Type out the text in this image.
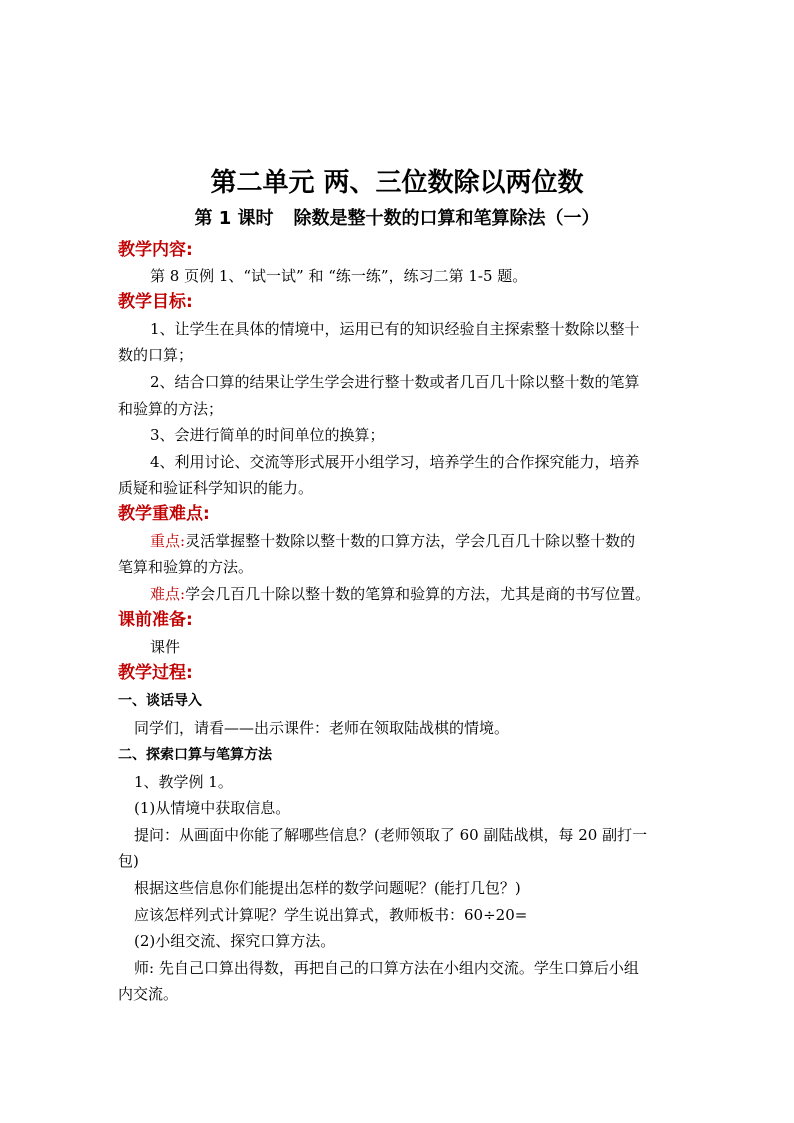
第二单元 两、三位数除以两位数
第 1 课时 除数是整十数的口算和笔算除法（一）
教学内容:
第 8 页例 1、“试一试” 和 “练一练”，练习二第 1-5 题。
教学目标:
1、让学生在具体的情境中，运用已有的知识经验自主探索整十数除以整十
数的口算；
2、结合口算的结果让学生学会进行整十数或者几百几十除以整十数的笔算
和验算的方法；
3、会进行简单的时间单位的换算；
4、利用讨论、交流等形式展开小组学习，培养学生的合作探究能力，培养
质疑和验证科学知识的能力。
教学重难点:
重点:灵活掌握整十数除以整十数的口算方法，学会几百几十除以整十数的
笔算和验算的方法。
难点:学会几百几十除以整十数的笔算和验算的方法，尤其是商的书写位置。
课前准备:
课件
教学过程:
一、谈话导入
同学们，请看——出示课件：老师在领取陆战棋的情境。
二、探索口算与笔算方法
1、教学例 1。
(1)从情境中获取信息。
提问：从画面中你能了解哪些信息？(老师领取了 60 副陆战棋，每 20 副打一
包)
根据这些信息你们能提出怎样的数学问题呢？(能打几包？)
应该怎样列式计算呢？学生说出算式，教师板书：60÷20=
(2)小组交流、探究口算方法。
师: 先自己口算出得数，再把自己的口算方法在小组内交流。学生口算后小组
内交流。
